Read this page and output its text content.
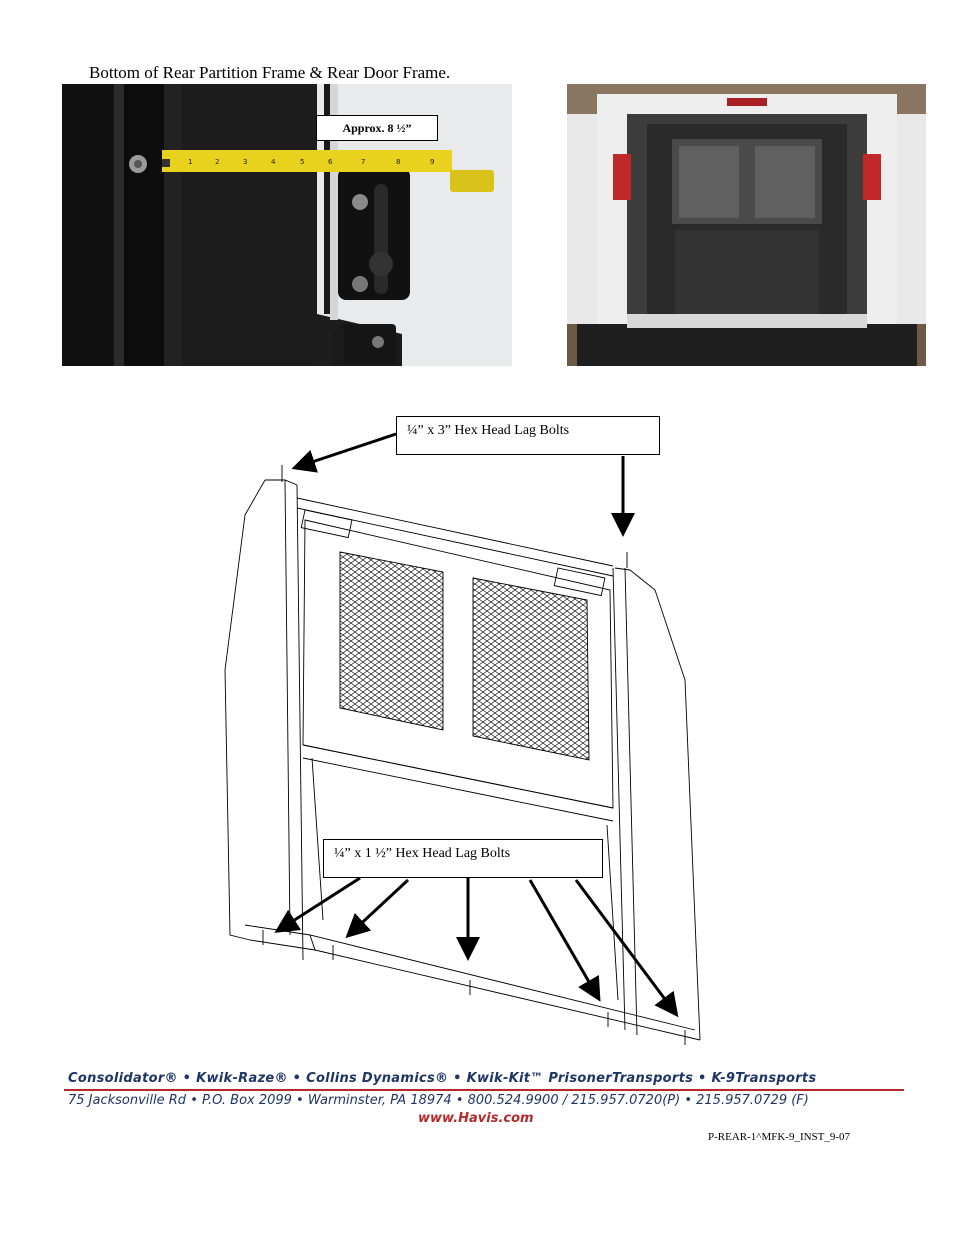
Bottom of Rear Partition Frame & Rear Door Frame.
1	2	3	4	5	6	7	8	9
Approx. 8 ½”
¼” x 3” Hex Head Lag Bolts
¼” x 1 ½” Hex Head Lag Bolts
Consolidator® • Kwik-Raze® • Collins Dynamics® • Kwik-Kit™ PrisonerTransports • K-9Transports
75 Jacksonville Rd • P.O. Box 2099 • Warminster, PA 18974 • 800.524.9900 / 215.957.0720(P) • 215.957.0729 (F)
www.Havis.com
P-REAR-1^MFK-9_INST_9-07
